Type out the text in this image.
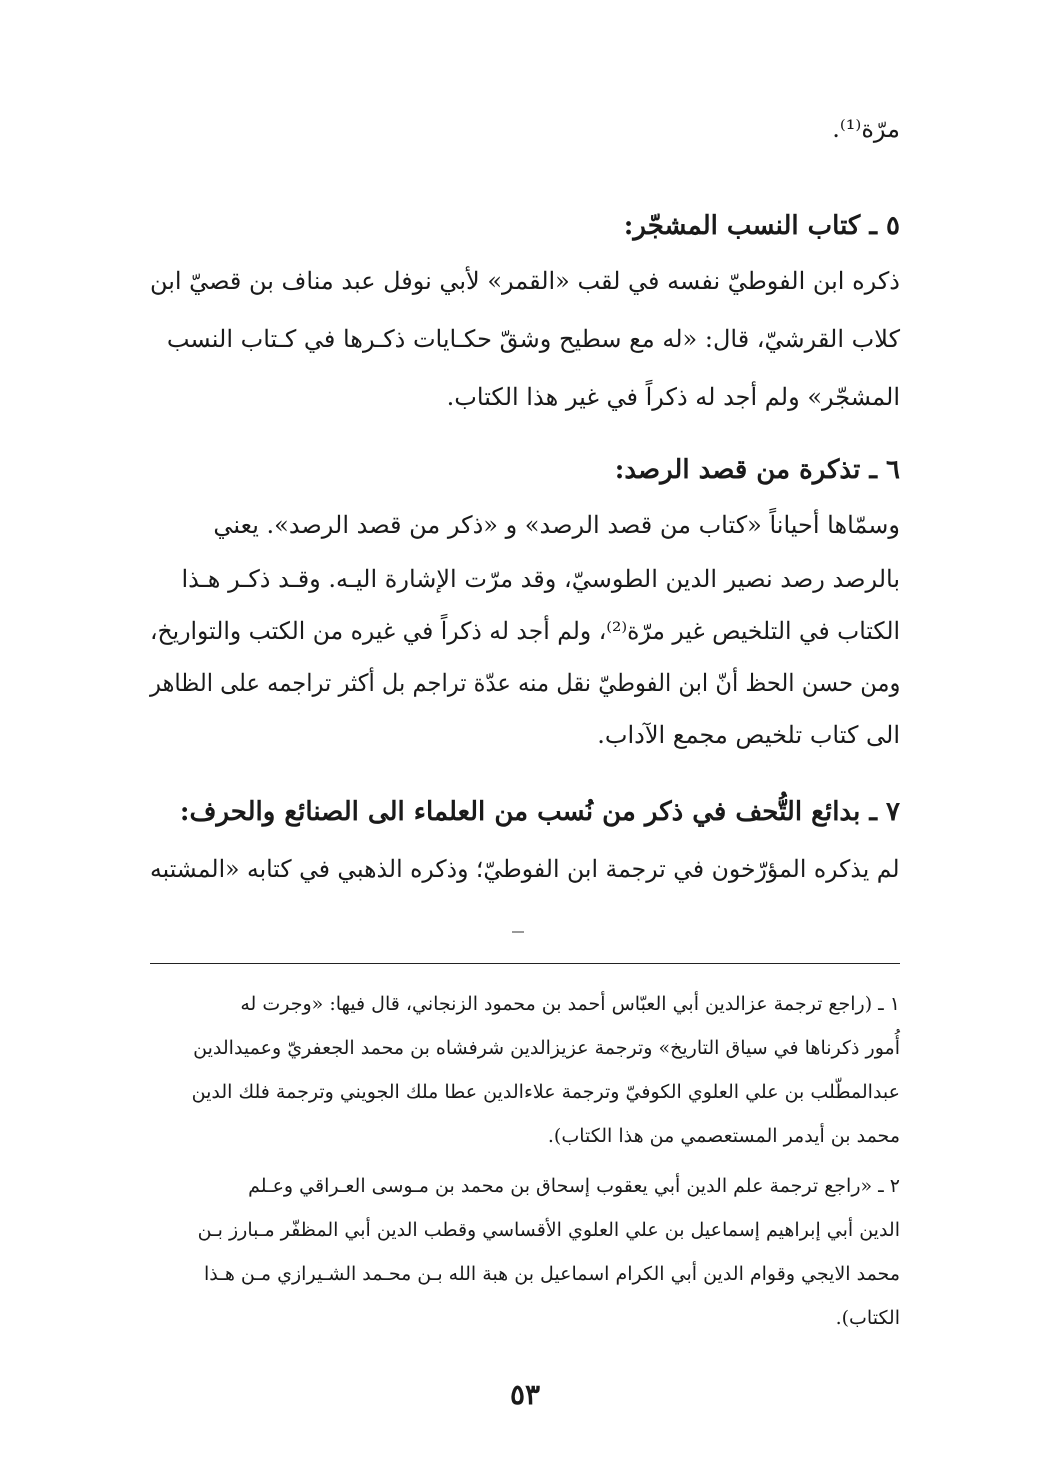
مرّة⁽¹⁾.
٥ ـ كتاب النسب المشجّر:
ذكره ابن الفوطيّ نفسه في لقب «القمر» لأبي نوفل عبد مناف بن قصيّ ابن
كلاب القرشيّ، قال: «له مع سطيح وشقّ حكـايات ذكـرها في كـتاب النسب
المشجّر» ولم أجد له ذكراً في غير هذا الكتاب.
٦ ـ تذكرة من قصد الرصد:
وسمّاها أحياناً «كتاب من قصد الرصد» و «ذكر من قصد الرصد». يعني
بالرصد رصد نصير الدين الطوسيّ، وقد مرّت الإشارة اليـه. وقـد ذكـر هـذا
الكتاب في التلخيص غير مرّة⁽²⁾، ولم أجد له ذكراً في غيره من الكتب والتواريخ،
ومن حسن الحظ أنّ ابن الفوطيّ نقل منه عدّة تراجم بل أكثر تراجمه على الظاهر
الى كتاب تلخيص مجمع الآداب.
٧ ـ بدائع التُّحف في ذكر من نُسب من العلماء الى الصنائع والحرف:
لم يذكره المؤرّخون في ترجمة ابن الفوطيّ؛ وذكره الذهبي في كتابه «المشتبه
١ ـ (راجع ترجمة عزالدين أبي العبّاس أحمد بن محمود الزنجاني، قال فيها: «وجرت له
أُمور ذكرناها في سياق التاريخ» وترجمة عزيزالدين شرفشاه بن محمد الجعفريّ وعميدالدين
عبدالمطّلب بن علي العلوي الكوفيّ وترجمة علاءالدين عطا ملك الجويني وترجمة فلك الدين
محمد بن أيدمر المستعصمي من هذا الكتاب).
٢ ـ «راجع ترجمة علم الدين أبي يعقوب إسحاق بن محمد بن مـوسى العـراقي وعـلم
الدين أبي إبراهيم إسماعيل بن علي العلوي الأقساسي وقطب الدين أبي المظفّر مـبارز بـن
محمد الايجي وقوام الدين أبي الكرام اسماعيل بن هبة الله بـن محـمد الشـيرازي مـن هـذا
الكتاب).
٥٣
